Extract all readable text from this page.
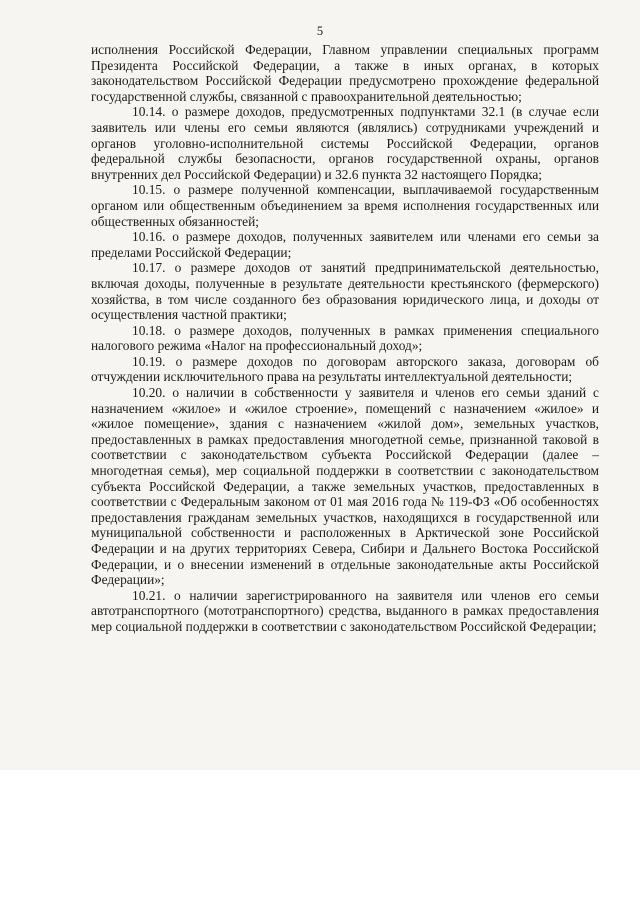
5

исполнения Российской Федерации, Главном управлении специальных программ Президента Российской Федерации, а также в иных органах, в которых законодательством Российской Федерации предусмотрено прохождение федеральной государственной службы, связанной с правоохранительной деятельностью;

10.14. о размере доходов, предусмотренных подпунктами 32.1 (в случае если заявитель или члены его семьи являются (являлись) сотрудниками учреждений и органов уголовно-исполнительной системы Российской Федерации, органов федеральной службы безопасности, органов государственной охраны, органов внутренних дел Российской Федерации) и 32.6 пункта 32 настоящего Порядка;

10.15. о размере полученной компенсации, выплачиваемой государственным органом или общественным объединением за время исполнения государственных или общественных обязанностей;

10.16. о размере доходов, полученных заявителем или членами его семьи за пределами Российской Федерации;

10.17. о размере доходов от занятий предпринимательской деятельностью, включая доходы, полученные в результате деятельности крестьянского (фермерского) хозяйства, в том числе созданного без образования юридического лица, и доходы от осуществления частной практики;

10.18. о размере доходов, полученных в рамках применения специального налогового режима «Налог на профессиональный доход»;

10.19. о размере доходов по договорам авторского заказа, договорам об отчуждении исключительного права на результаты интеллектуальной деятельности;

10.20. о наличии в собственности у заявителя и членов его семьи зданий с назначением «жилое» и «жилое строение», помещений с назначением «жилое» и «жилое помещение», здания с назначением «жилой дом», земельных участков, предоставленных в рамках предоставления многодетной семье, признанной таковой в соответствии с законодательством субъекта Российской Федерации (далее – многодетная семья), мер социальной поддержки в соответствии с законодательством субъекта Российской Федерации, а также земельных участков, предоставленных в соответствии с Федеральным законом от 01 мая 2016 года № 119-ФЗ «Об особенностях предоставления гражданам земельных участков, находящихся в государственной или муниципальной собственности и расположенных в Арктической зоне Российской Федерации и на других территориях Севера, Сибири и Дальнего Востока Российской Федерации, и о внесении изменений в отдельные законодательные акты Российской Федерации»;

10.21. о наличии зарегистрированного на заявителя или членов его семьи автотранспортного (мототранспортного) средства, выданного в рамках предоставления мер социальной поддержки в соответствии с законодательством Российской Федерации;
